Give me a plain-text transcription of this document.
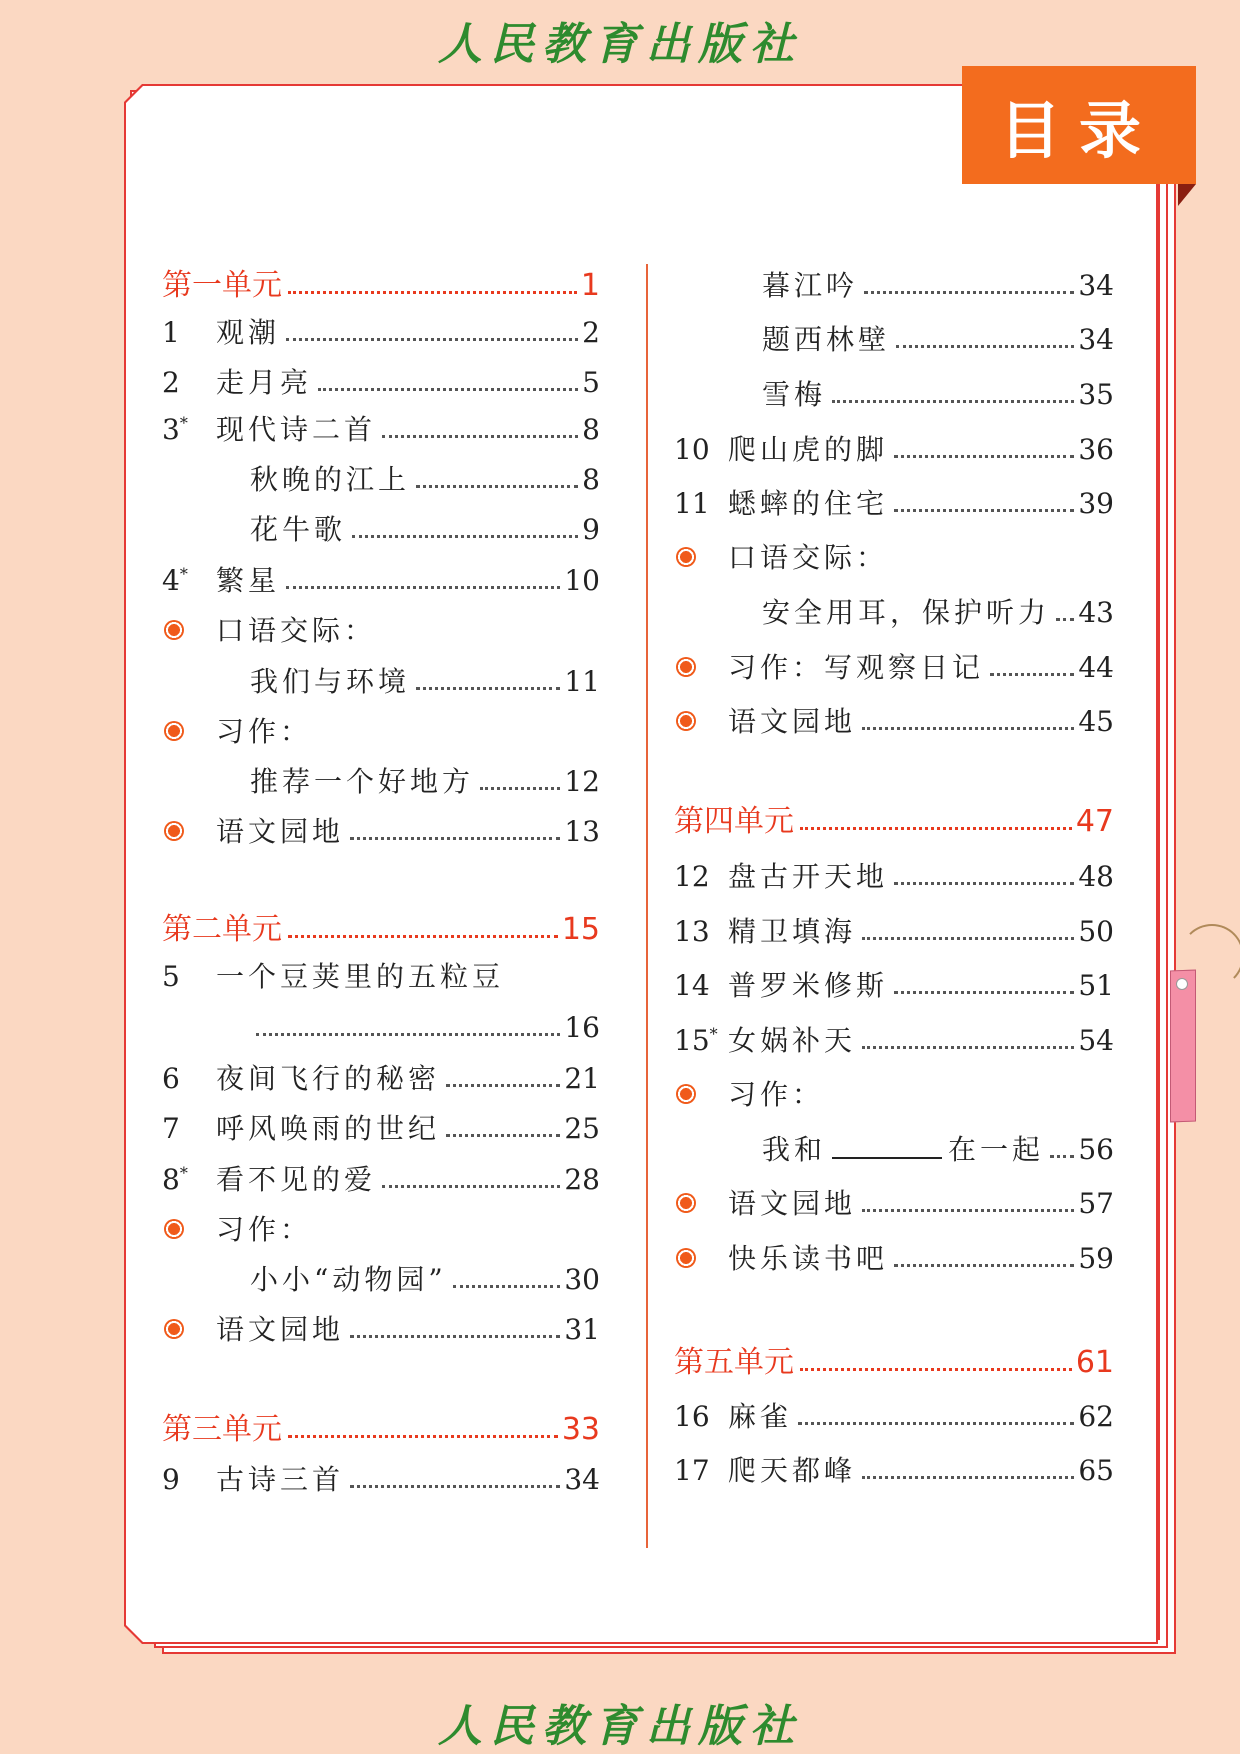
人民教育出版社
目录
第一单元	1
1	观潮	2
2	走月亮	5
3*	现代诗二首	8
秋晚的江上	8
花牛歌	9
4*	繁星	10
口语交际：
我们与环境	11
习作：
推荐一个好地方	12
语文园地	13
第二单元	15
5	一个豆荚里的五粒豆
16
6	夜间飞行的秘密	21
7	呼风唤雨的世纪	25
8*	看不见的爱	28
习作：
小小“动物园”	30
语文园地	31
第三单元	33
9	古诗三首	34
暮江吟	34
题西林壁	34
雪梅	35
10 爬山虎的脚	36
11 蟋蟀的住宅	39
口语交际：
安全用耳，保护听力 43
习作：写观察日记	44
语文园地	45
第四单元	47
12 盘古开天地	48
13 精卫填海	50
14 普罗米修斯	51
15* 女娲补天	54
习作：
我和	在一起 56
语文园地	57
快乐读书吧	59
第五单元	61
16 麻雀	62
17 爬天都峰	65
人民教育出版社
